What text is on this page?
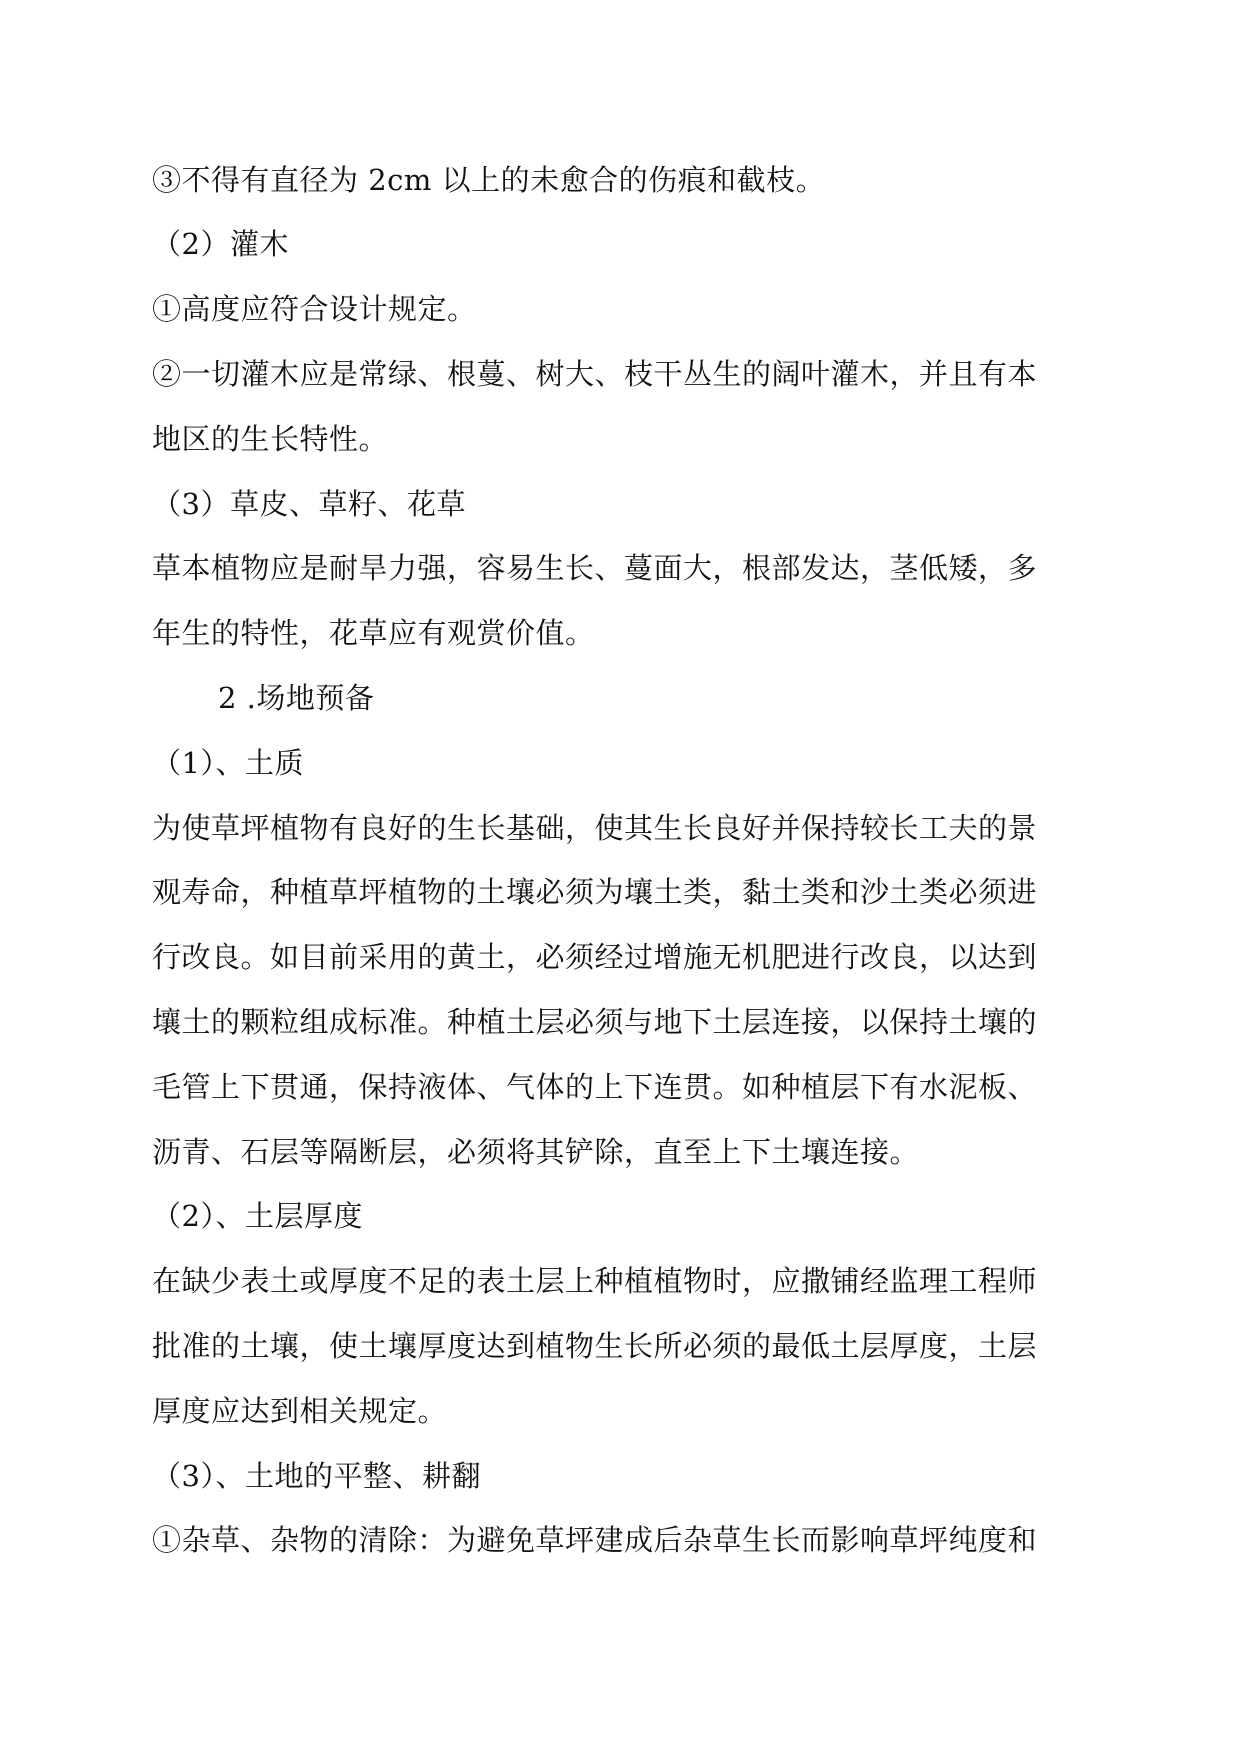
③不得有直径为 2cm 以上的未愈合的伤痕和截枝。
（2）灌木
①高度应符合设计规定。
②一切灌木应是常绿、根蔓、树大、枝干丛生的阔叶灌木，并且有本
地区的生长特性。
（3）草皮、草籽、花草
草本植物应是耐旱力强，容易生长、蔓面大，根部发达，茎低矮，多
年生的特性，花草应有观赏价值。
2 .场地预备
（1）、土质
为使草坪植物有良好的生长基础，使其生长良好并保持较长工夫的景
观寿命，种植草坪植物的土壤必须为壤土类，黏土类和沙土类必须进
行改良。如目前采用的黄土，必须经过增施无机肥进行改良，以达到
壤土的颗粒组成标准。种植土层必须与地下土层连接，以保持土壤的
毛管上下贯通，保持液体、气体的上下连贯。如种植层下有水泥板、
沥青、石层等隔断层，必须将其铲除，直至上下土壤连接。
（2）、土层厚度
在缺少表土或厚度不足的表土层上种植植物时，应撒铺经监理工程师
批准的土壤，使土壤厚度达到植物生长所必须的最低土层厚度，土层
厚度应达到相关规定。
（3）、土地的平整、耕翻
①杂草、杂物的清除：为避免草坪建成后杂草生长而影响草坪纯度和
